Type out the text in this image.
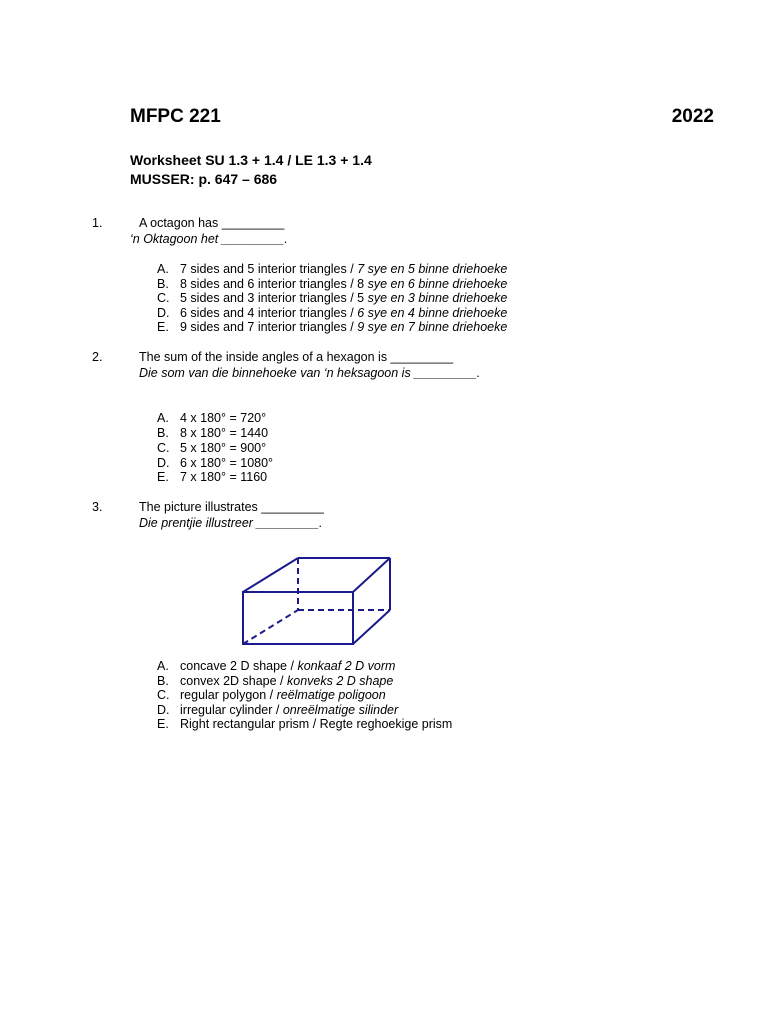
MFPC 221	2022
Worksheet SU 1.3 + 1.4 / LE 1.3 + 1.4
MUSSER: p. 647 – 686
1.	A octagon has _________
‘n Oktagoon het _________.
A. 7 sides and 5 interior triangles / 7 sye en 5 binne driehoeke
B. 8 sides and 6 interior triangles / 8 sye en 6 binne driehoeke
C. 5 sides and 3 interior triangles / 5 sye en 3 binne driehoeke
D. 6 sides and 4 interior triangles / 6 sye en 4 binne driehoeke
E. 9 sides and 7 interior triangles / 9 sye en 7 binne driehoeke
2.	The sum of the inside angles of a hexagon is _________
Die som van die binnehoeke van ‘n heksagoon is _________.
A. 4 x 180° = 720°
B. 8 x 180° = 1440
C. 5 x 180° = 900°
D. 6 x 180° = 1080°
E. 7 x 180° = 1160
3.	The picture illustrates _________
Die prentjie illustreer _________.
A. concave 2 D shape / konkaaf 2 D vorm
B. convex 2D shape / konveks 2 D shape
C. regular polygon / reëlmatige poligoon
D. irregular cylinder / onreëlmatige silinder
E. Right rectangular prism / Regte reghoekige prism
